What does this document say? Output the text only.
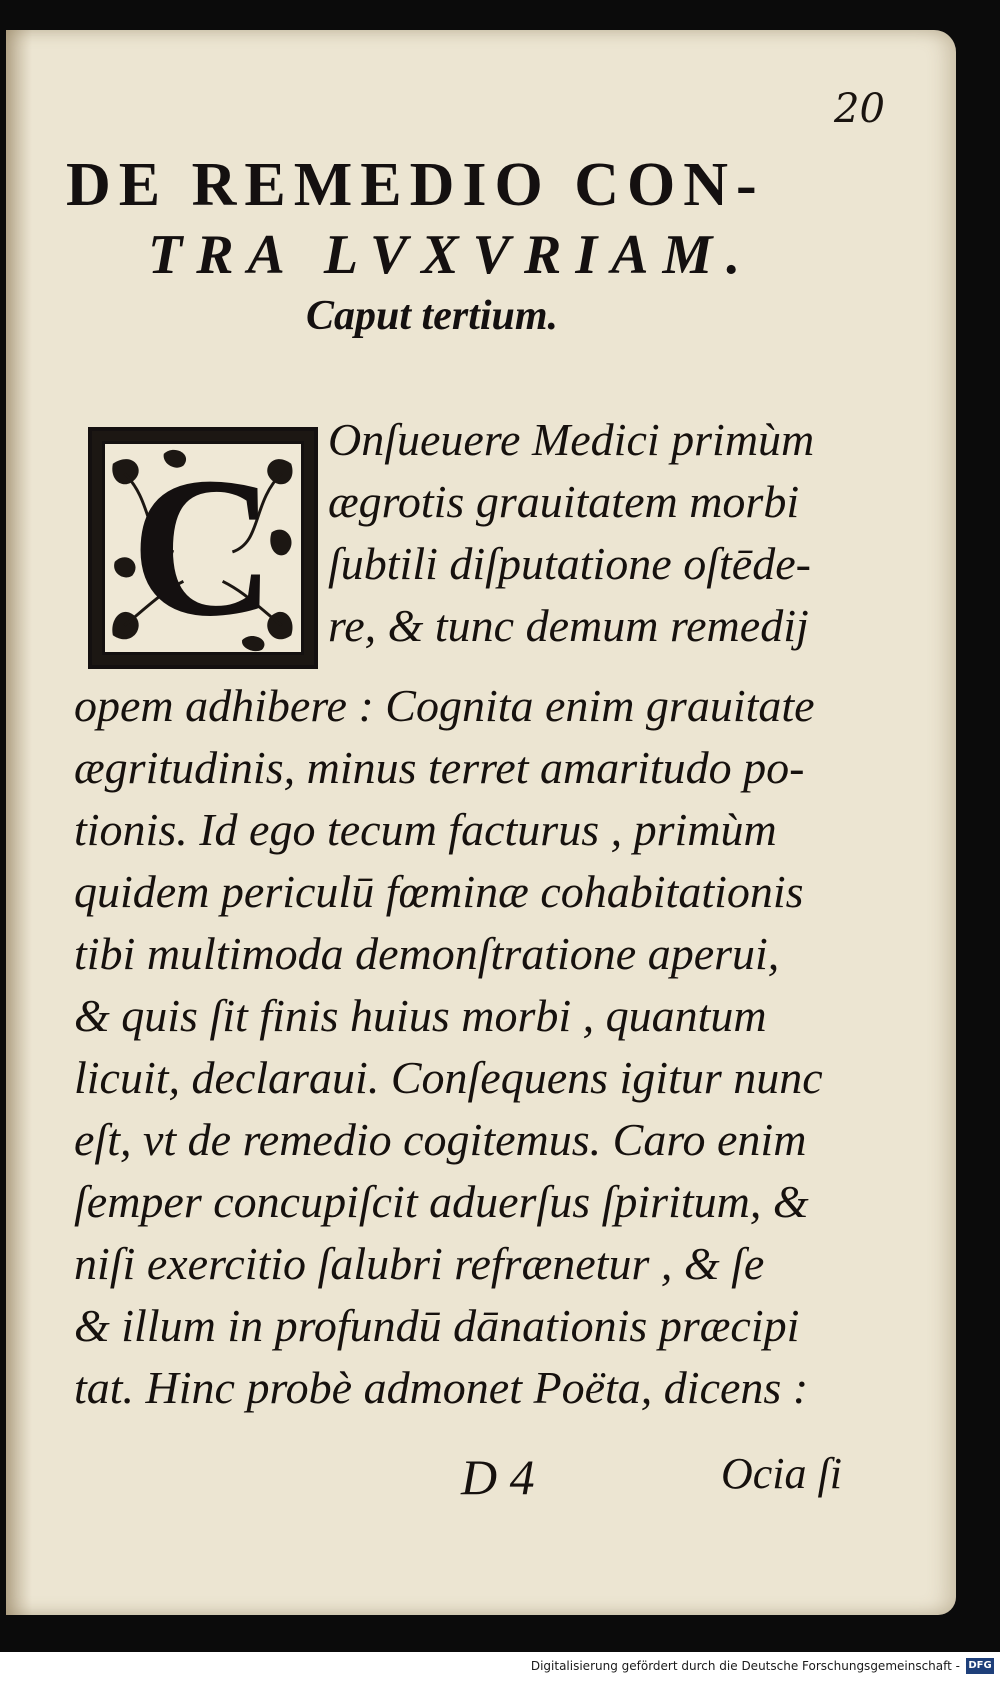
20
DE REMEDIO CON-
TRA LVXVRIAM.
Caput tertium.
C	Onſueuere Medici primùm
ægrotis grauitatem morbi
ſubtili diſputatione oſtēde-
re, & tunc demum remedij
opem adhibere : Cognita enim grauitate
ægritudinis, minus terret amaritudo po-
tionis. Id ego tecum facturus , primùm
quidem periculū fœminæ cohabitationis
tibi multimoda demonſtratione aperui,
& quis ſit finis huius morbi , quantum
licuit, declaraui. Conſequens igitur nunc
eſt, vt de remedio cogitemus. Caro enim
ſemper concupiſcit aduerſus ſpiritum, &
niſi exercitio ſalubri refrænetur , & ſe
& illum in profundū dānationis præcipi
tat. Hinc probè admonet Poëta, dicens :
D 4	Ocia ſi
Digitalisierung gefördert durch die Deutsche Forschungsgemeinschaft - DFG
